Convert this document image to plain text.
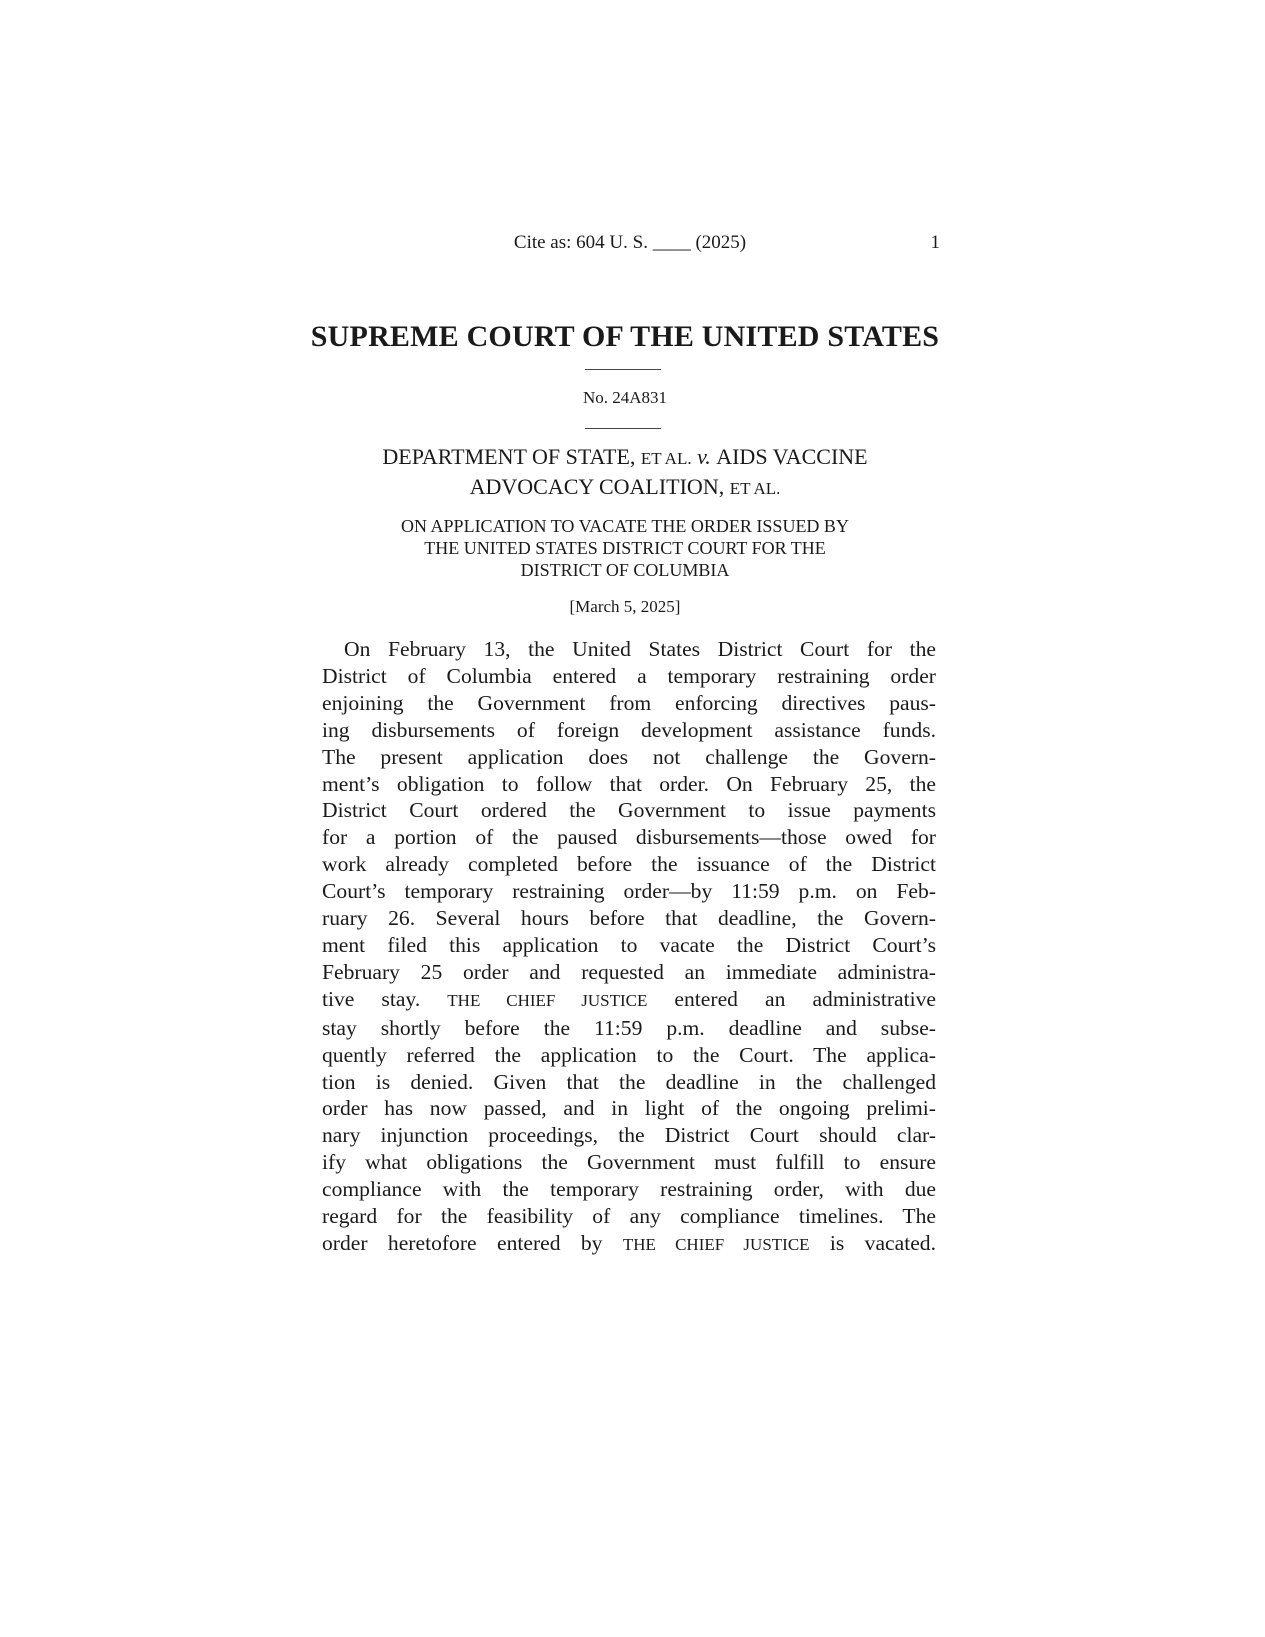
Cite as: 604 U. S. ____ (2025)	1
SUPREME COURT OF THE UNITED STATES
No. 24A831
DEPARTMENT OF STATE, ET AL. v. AIDS VACCINE
ADVOCACY COALITION, ET AL.
ON APPLICATION TO VACATE THE ORDER ISSUED BY
THE UNITED STATES DISTRICT COURT FOR THE
DISTRICT OF COLUMBIA
[March 5, 2025]
On February 13, the United States District Court for the
District of Columbia entered a temporary restraining order
enjoining the Government from enforcing directives paus-
ing disbursements of foreign development assistance funds.
The present application does not challenge the Govern-
ment’s obligation to follow that order. On February 25, the
District Court ordered the Government to issue payments
for a portion of the paused disbursements—those owed for
work already completed before the issuance of the District
Court’s temporary restraining order—by 11:59 p.m. on Feb-
ruary 26. Several hours before that deadline, the Govern-
ment filed this application to vacate the District Court’s
February 25 order and requested an immediate administra-
tive stay. THE CHIEF JUSTICE entered an administrative
stay shortly before the 11:59 p.m. deadline and subse-
quently referred the application to the Court. The applica-
tion is denied. Given that the deadline in the challenged
order has now passed, and in light of the ongoing prelimi-
nary injunction proceedings, the District Court should clar-
ify what obligations the Government must fulfill to ensure
compliance with the temporary restraining order, with due
regard for the feasibility of any compliance timelines. The
order heretofore entered by THE CHIEF JUSTICE is vacated.
